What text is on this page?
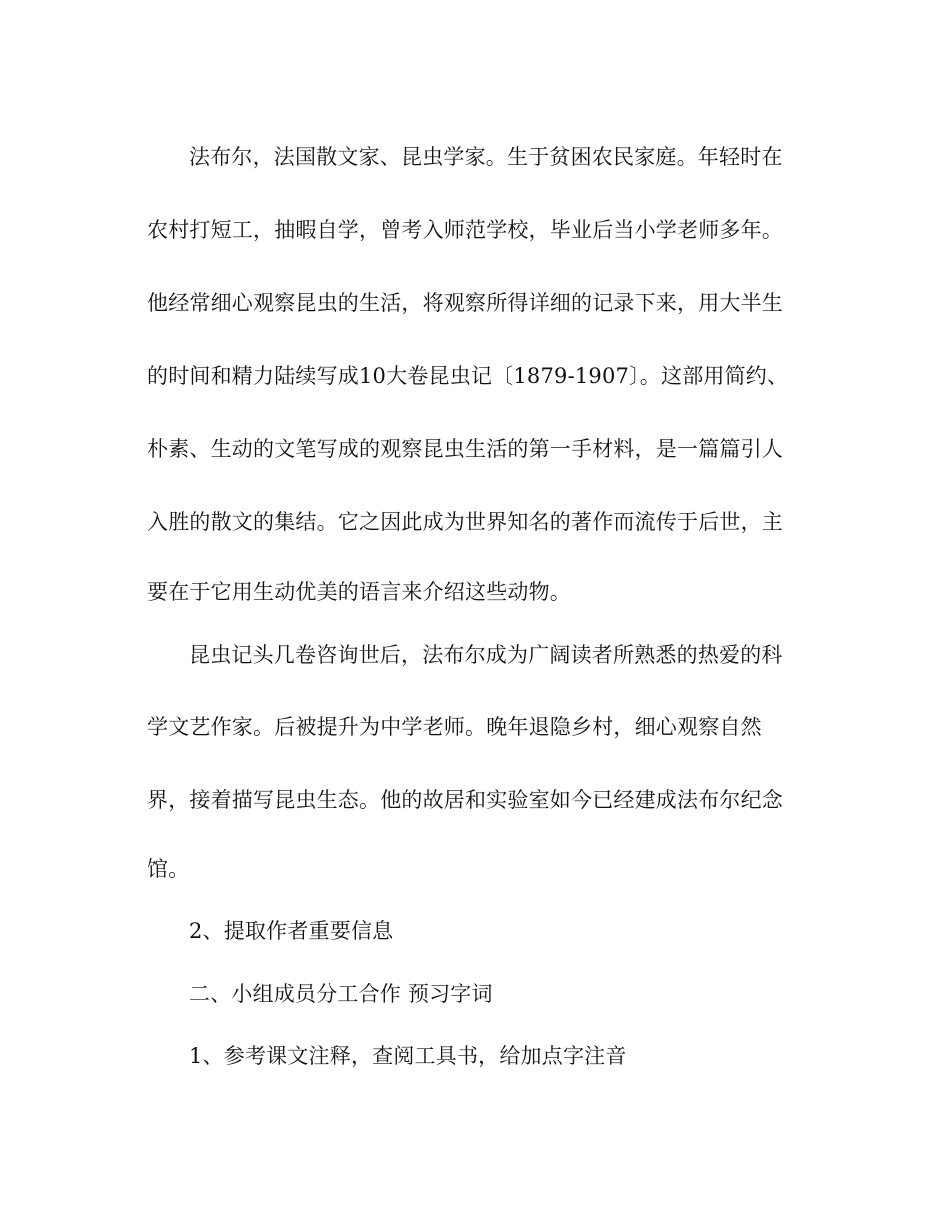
法布尔，法国散文家、昆虫学家。生于贫困农民家庭。年轻时在
农村打短工，抽暇自学，曾考入师范学校，毕业后当小学老师多年。
他经常细心观察昆虫的生活，将观察所得详细的记录下来，用大半生
的时间和精力陆续写成10大卷昆虫记〔1879-1907〕。这部用简约、
朴素、生动的文笔写成的观察昆虫生活的第一手材料，是一篇篇引人
入胜的散文的集结。它之因此成为世界知名的著作而流传于后世，主
要在于它用生动优美的语言来介绍这些动物。
昆虫记头几卷咨询世后，法布尔成为广阔读者所熟悉的热爱的科
学文艺作家。后被提升为中学老师。晚年退隐乡村，细心观察自然
界，接着描写昆虫生态。他的故居和实验室如今已经建成法布尔纪念
馆。
2、提取作者重要信息
二、小组成员分工合作 预习字词
1、参考课文注释，查阅工具书，给加点字注音
